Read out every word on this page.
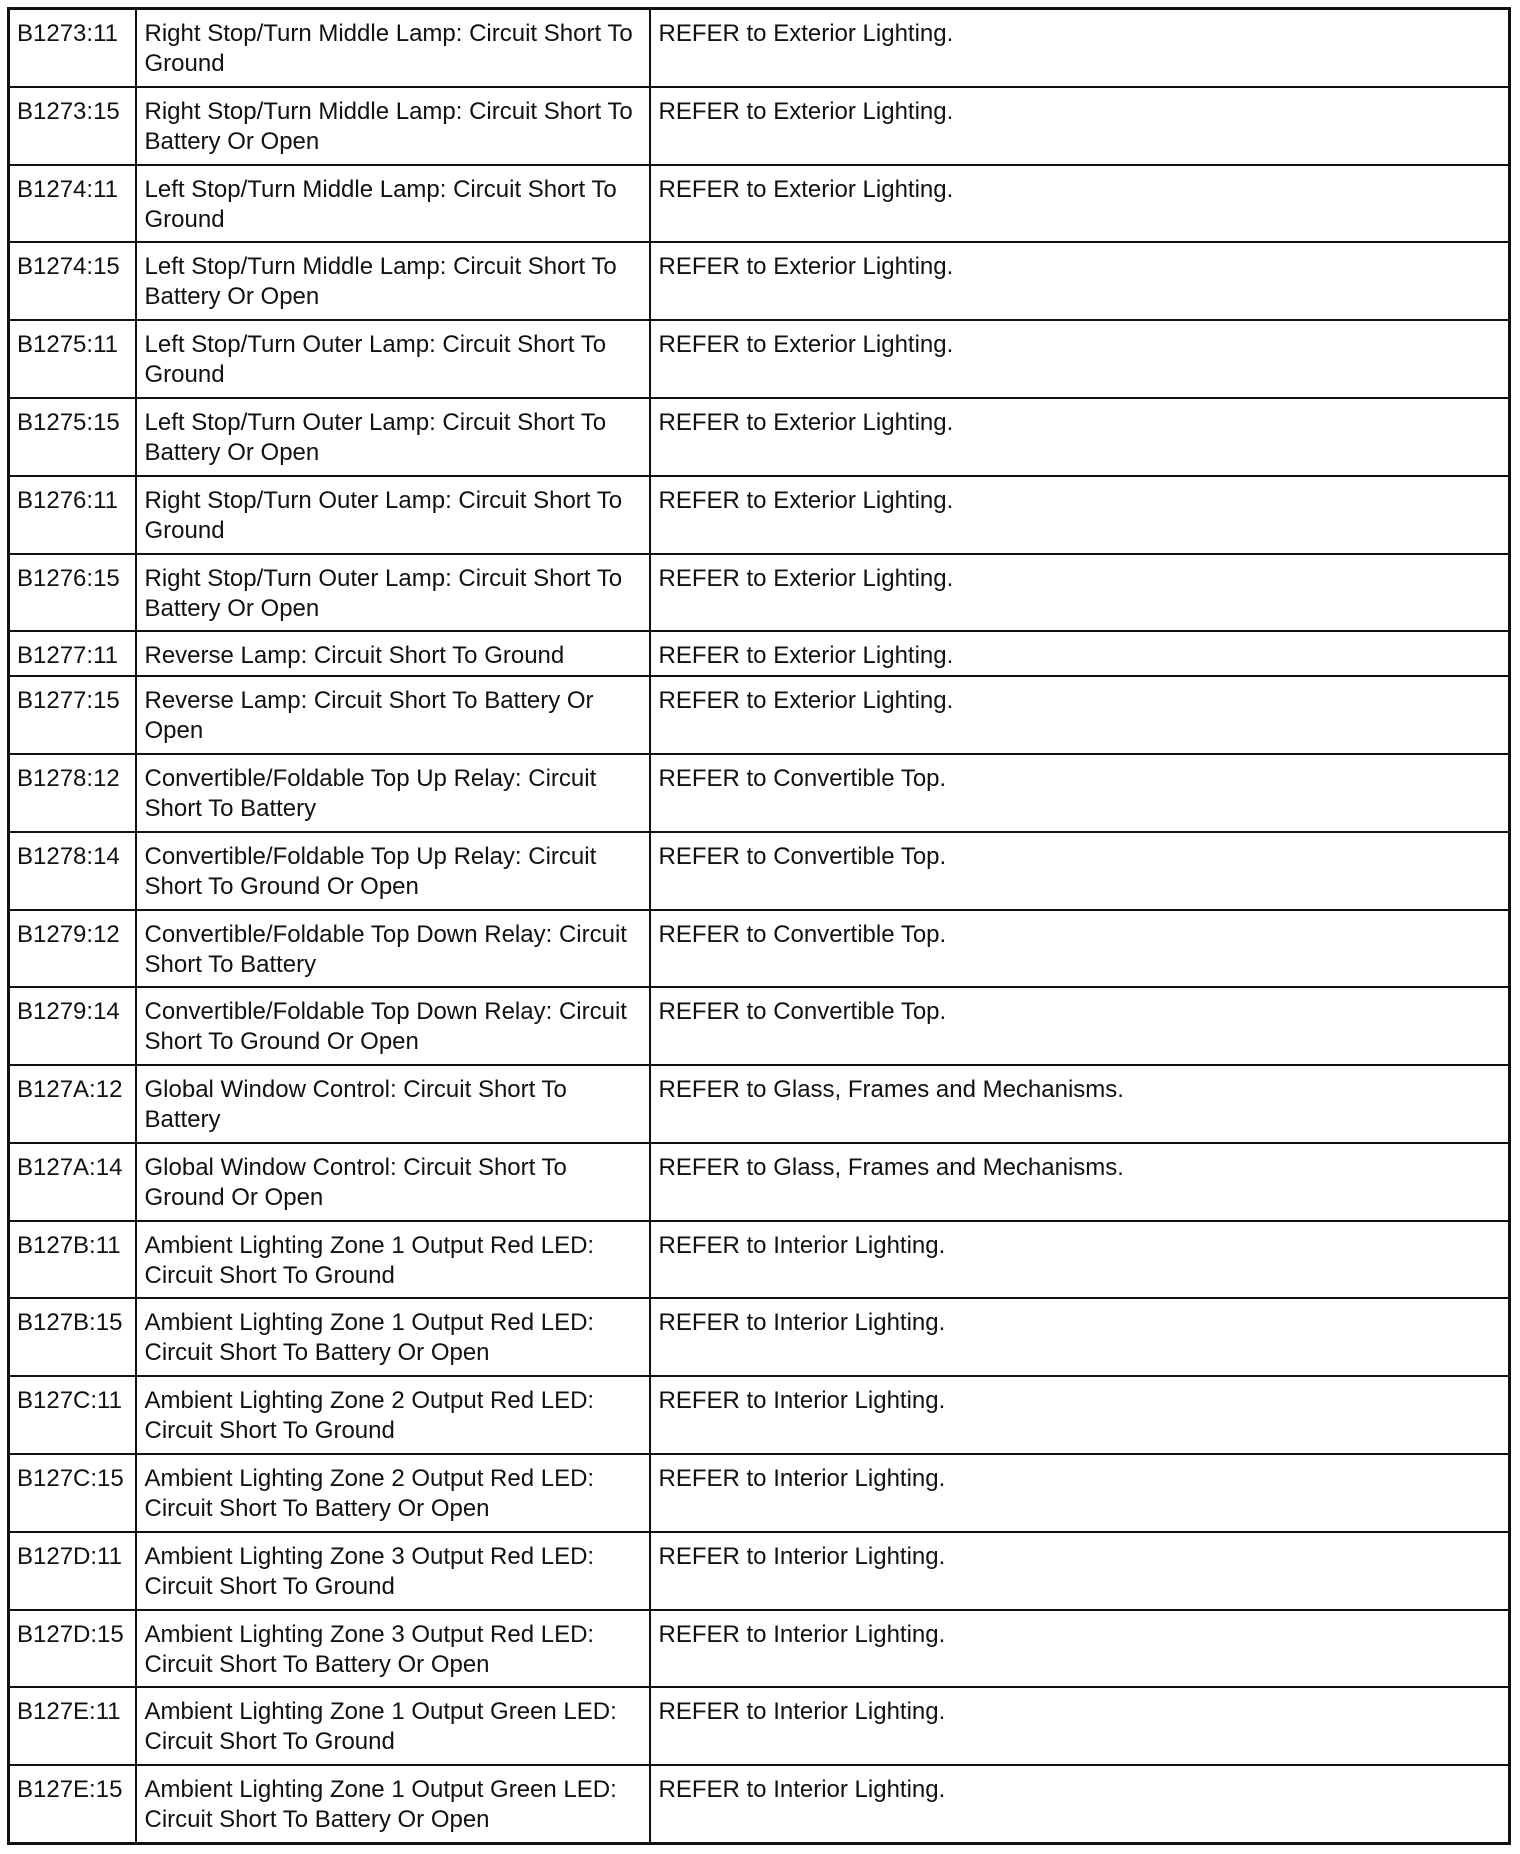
B1273:11	Right Stop/Turn Middle Lamp: Circuit Short To Ground	REFER to Exterior Lighting.
B1273:15	Right Stop/Turn Middle Lamp: Circuit Short To Battery Or Open	REFER to Exterior Lighting.
B1274:11	Left Stop/Turn Middle Lamp: Circuit Short To Ground	REFER to Exterior Lighting.
B1274:15	Left Stop/Turn Middle Lamp: Circuit Short To Battery Or Open	REFER to Exterior Lighting.
B1275:11	Left Stop/Turn Outer Lamp: Circuit Short To Ground	REFER to Exterior Lighting.
B1275:15	Left Stop/Turn Outer Lamp: Circuit Short To Battery Or Open	REFER to Exterior Lighting.
B1276:11	Right Stop/Turn Outer Lamp: Circuit Short To Ground	REFER to Exterior Lighting.
B1276:15	Right Stop/Turn Outer Lamp: Circuit Short To Battery Or Open	REFER to Exterior Lighting.
B1277:11	Reverse Lamp: Circuit Short To Ground	REFER to Exterior Lighting.
B1277:15	Reverse Lamp: Circuit Short To Battery Or Open	REFER to Exterior Lighting.
B1278:12	Convertible/Foldable Top Up Relay: Circuit Short To Battery	REFER to Convertible Top.
B1278:14	Convertible/Foldable Top Up Relay: Circuit Short To Ground Or Open	REFER to Convertible Top.
B1279:12	Convertible/Foldable Top Down Relay: Circuit Short To Battery	REFER to Convertible Top.
B1279:14	Convertible/Foldable Top Down Relay: Circuit Short To Ground Or Open	REFER to Convertible Top.
B127A:12	Global Window Control: Circuit Short To Battery	REFER to Glass, Frames and Mechanisms.
B127A:14	Global Window Control: Circuit Short To Ground Or Open	REFER to Glass, Frames and Mechanisms.
B127B:11	Ambient Lighting Zone 1 Output Red LED: Circuit Short To Ground	REFER to Interior Lighting.
B127B:15	Ambient Lighting Zone 1 Output Red LED: Circuit Short To Battery Or Open	REFER to Interior Lighting.
B127C:11	Ambient Lighting Zone 2 Output Red LED: Circuit Short To Ground	REFER to Interior Lighting.
B127C:15	Ambient Lighting Zone 2 Output Red LED: Circuit Short To Battery Or Open	REFER to Interior Lighting.
B127D:11	Ambient Lighting Zone 3 Output Red LED: Circuit Short To Ground	REFER to Interior Lighting.
B127D:15	Ambient Lighting Zone 3 Output Red LED: Circuit Short To Battery Or Open	REFER to Interior Lighting.
B127E:11	Ambient Lighting Zone 1 Output Green LED: Circuit Short To Ground	REFER to Interior Lighting.
B127E:15	Ambient Lighting Zone 1 Output Green LED: Circuit Short To Battery Or Open	REFER to Interior Lighting.
